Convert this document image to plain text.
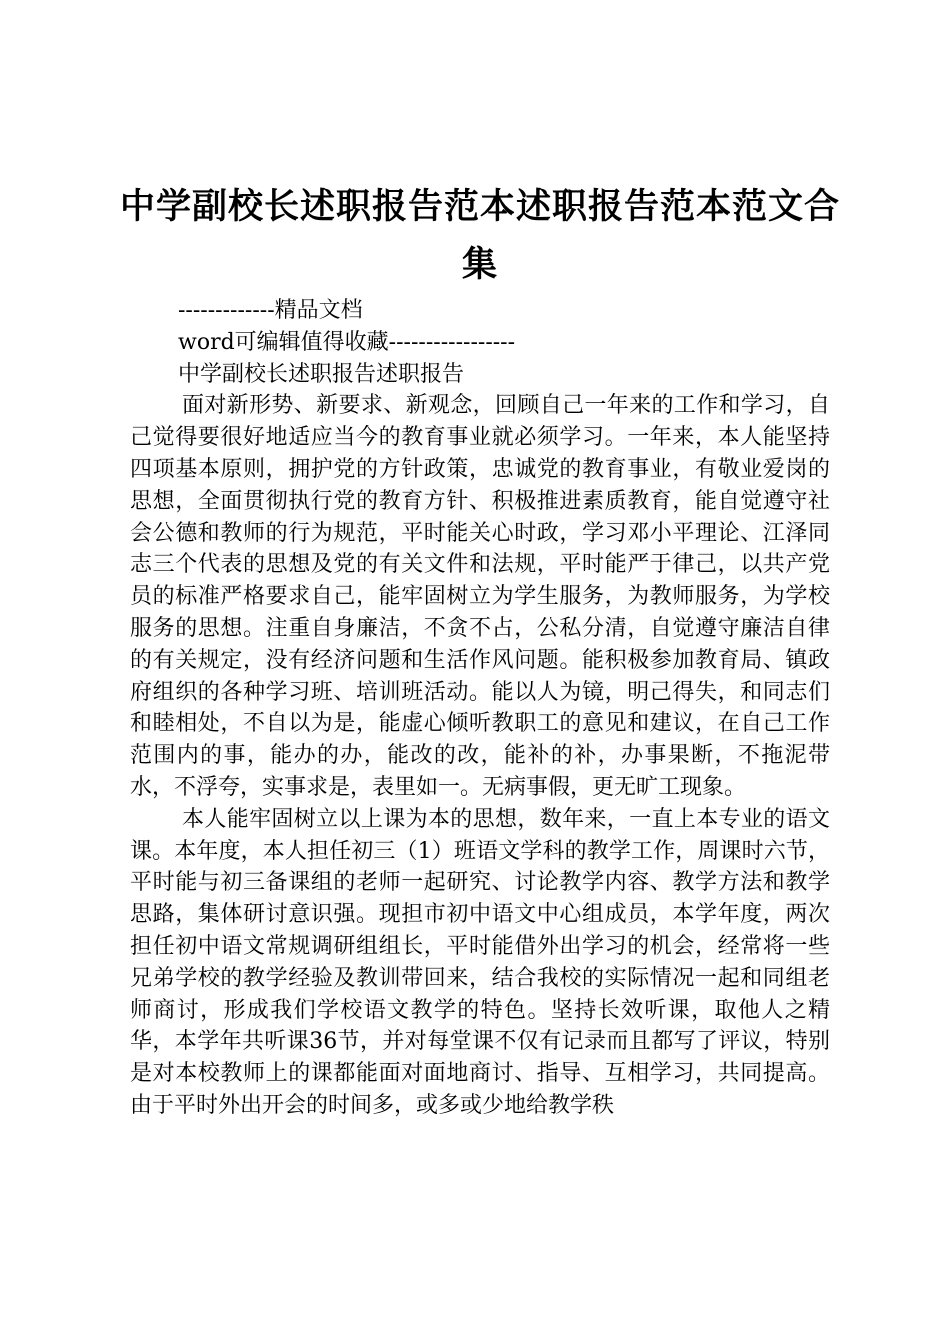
中学副校长述职报告范本述职报告范本范文合集

-------------精品文档

word可编辑值得收藏-----------------

中学副校长述职报告述职报告

面对新形势、新要求、新观念，回顾自己一年来的工作和学习，自己觉得要很好地适应当今的教育事业就必须学习。一年来，本人能坚持四项基本原则，拥护党的方针政策，忠诚党的教育事业，有敬业爱岗的思想，全面贯彻执行党的教育方针、积极推进素质教育，能自觉遵守社会公德和教师的行为规范，平时能关心时政，学习邓小平理论、江泽同志三个代表的思想及党的有关文件和法规，平时能严于律己，以共产党员的标准严格要求自己，能牢固树立为学生服务，为教师服务，为学校服务的思想。注重自身廉洁，不贪不占，公私分清，自觉遵守廉洁自律的有关规定，没有经济问题和生活作风问题。能积极参加教育局、镇政府组织的各种学习班、培训班活动。能以人为镜，明己得失，和同志们和睦相处，不自以为是，能虚心倾听教职工的意见和建议，在自己工作范围内的事，能办的办，能改的改，能补的补，办事果断，不拖泥带水，不浮夸，实事求是，表里如一。无病事假，更无旷工现象。

本人能牢固树立以上课为本的思想，数年来，一直上本专业的语文课。本年度，本人担任初三（1）班语文学科的教学工作，周课时六节，平时能与初三备课组的老师一起研究、讨论教学内容、教学方法和教学思路，集体研讨意识强。现担市初中语文中心组成员，本学年度，两次担任初中语文常规调研组组长，平时能借外出学习的机会，经常将一些兄弟学校的教学经验及教训带回来，结合我校的实际情况一起和同组老师商讨，形成我们学校语文教学的特色。坚持长效听课，取他人之精华，本学年共听课36节，并对每堂课不仅有记录而且都写了评议，特别是对本校教师上的课都能面对面地商讨、指导、互相学习，共同提高。由于平时外出开会的时间多，或多或少地给教学秩
